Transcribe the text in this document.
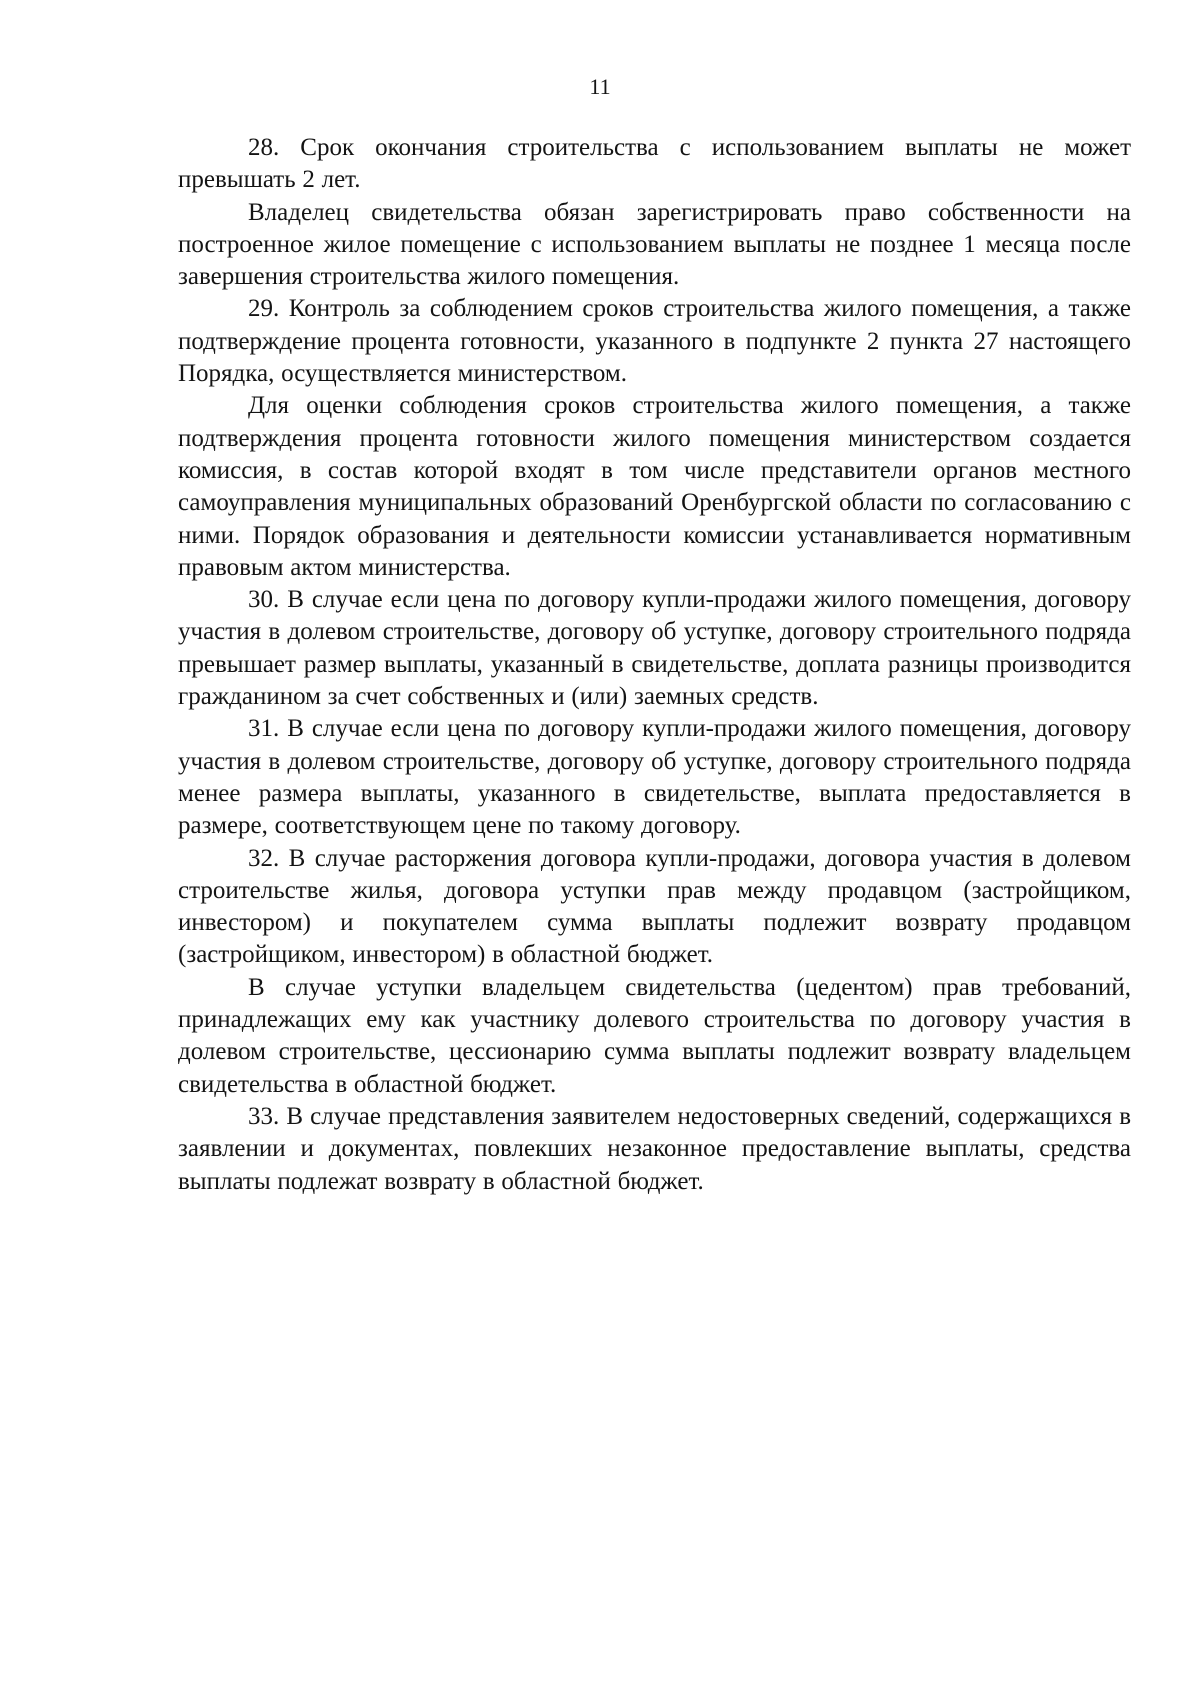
11

28. Срок окончания строительства с использованием выплаты не может превышать 2 лет.

Владелец свидетельства обязан зарегистрировать право собственности на построенное жилое помещение с использованием выплаты не позднее 1 месяца после завершения строительства жилого помещения.

29. Контроль за соблюдением сроков строительства жилого помещения, а также подтверждение процента готовности, указанного в подпункте 2 пункта 27 настоящего Порядка, осуществляется министерством.

Для оценки соблюдения сроков строительства жилого помещения, а также подтверждения процента готовности жилого помещения министерством создается комиссия, в состав которой входят в том числе представители органов местного самоуправления муниципальных образований Оренбургской области по согласованию с ними. Порядок образования и деятельности комиссии устанавливается нормативным правовым актом министерства.

30. В случае если цена по договору купли-продажи жилого помещения, договору участия в долевом строительстве, договору об уступке, договору строительного подряда превышает размер выплаты, указанный в свидетельстве, доплата разницы производится гражданином за счет собственных и (или) заемных средств.

31. В случае если цена по договору купли-продажи жилого помещения, договору участия в долевом строительстве, договору об уступке, договору строительного подряда менее размера выплаты, указанного в свидетельстве, выплата предоставляется в размере, соответствующем цене по такому договору.

32. В случае расторжения договора купли-продажи, договора участия в долевом строительстве жилья, договора уступки прав между продавцом (застройщиком, инвестором) и покупателем сумма выплаты подлежит возврату продавцом (застройщиком, инвестором) в областной бюджет.

В случае уступки владельцем свидетельства (цедентом) прав требований, принадлежащих ему как участнику долевого строительства по договору участия в долевом строительстве, цессионарию сумма выплаты подлежит возврату владельцем свидетельства в областной бюджет.

33. В случае представления заявителем недостоверных сведений, содержащихся в заявлении и документах, повлекших незаконное предоставление выплаты, средства выплаты подлежат возврату в областной бюджет.
